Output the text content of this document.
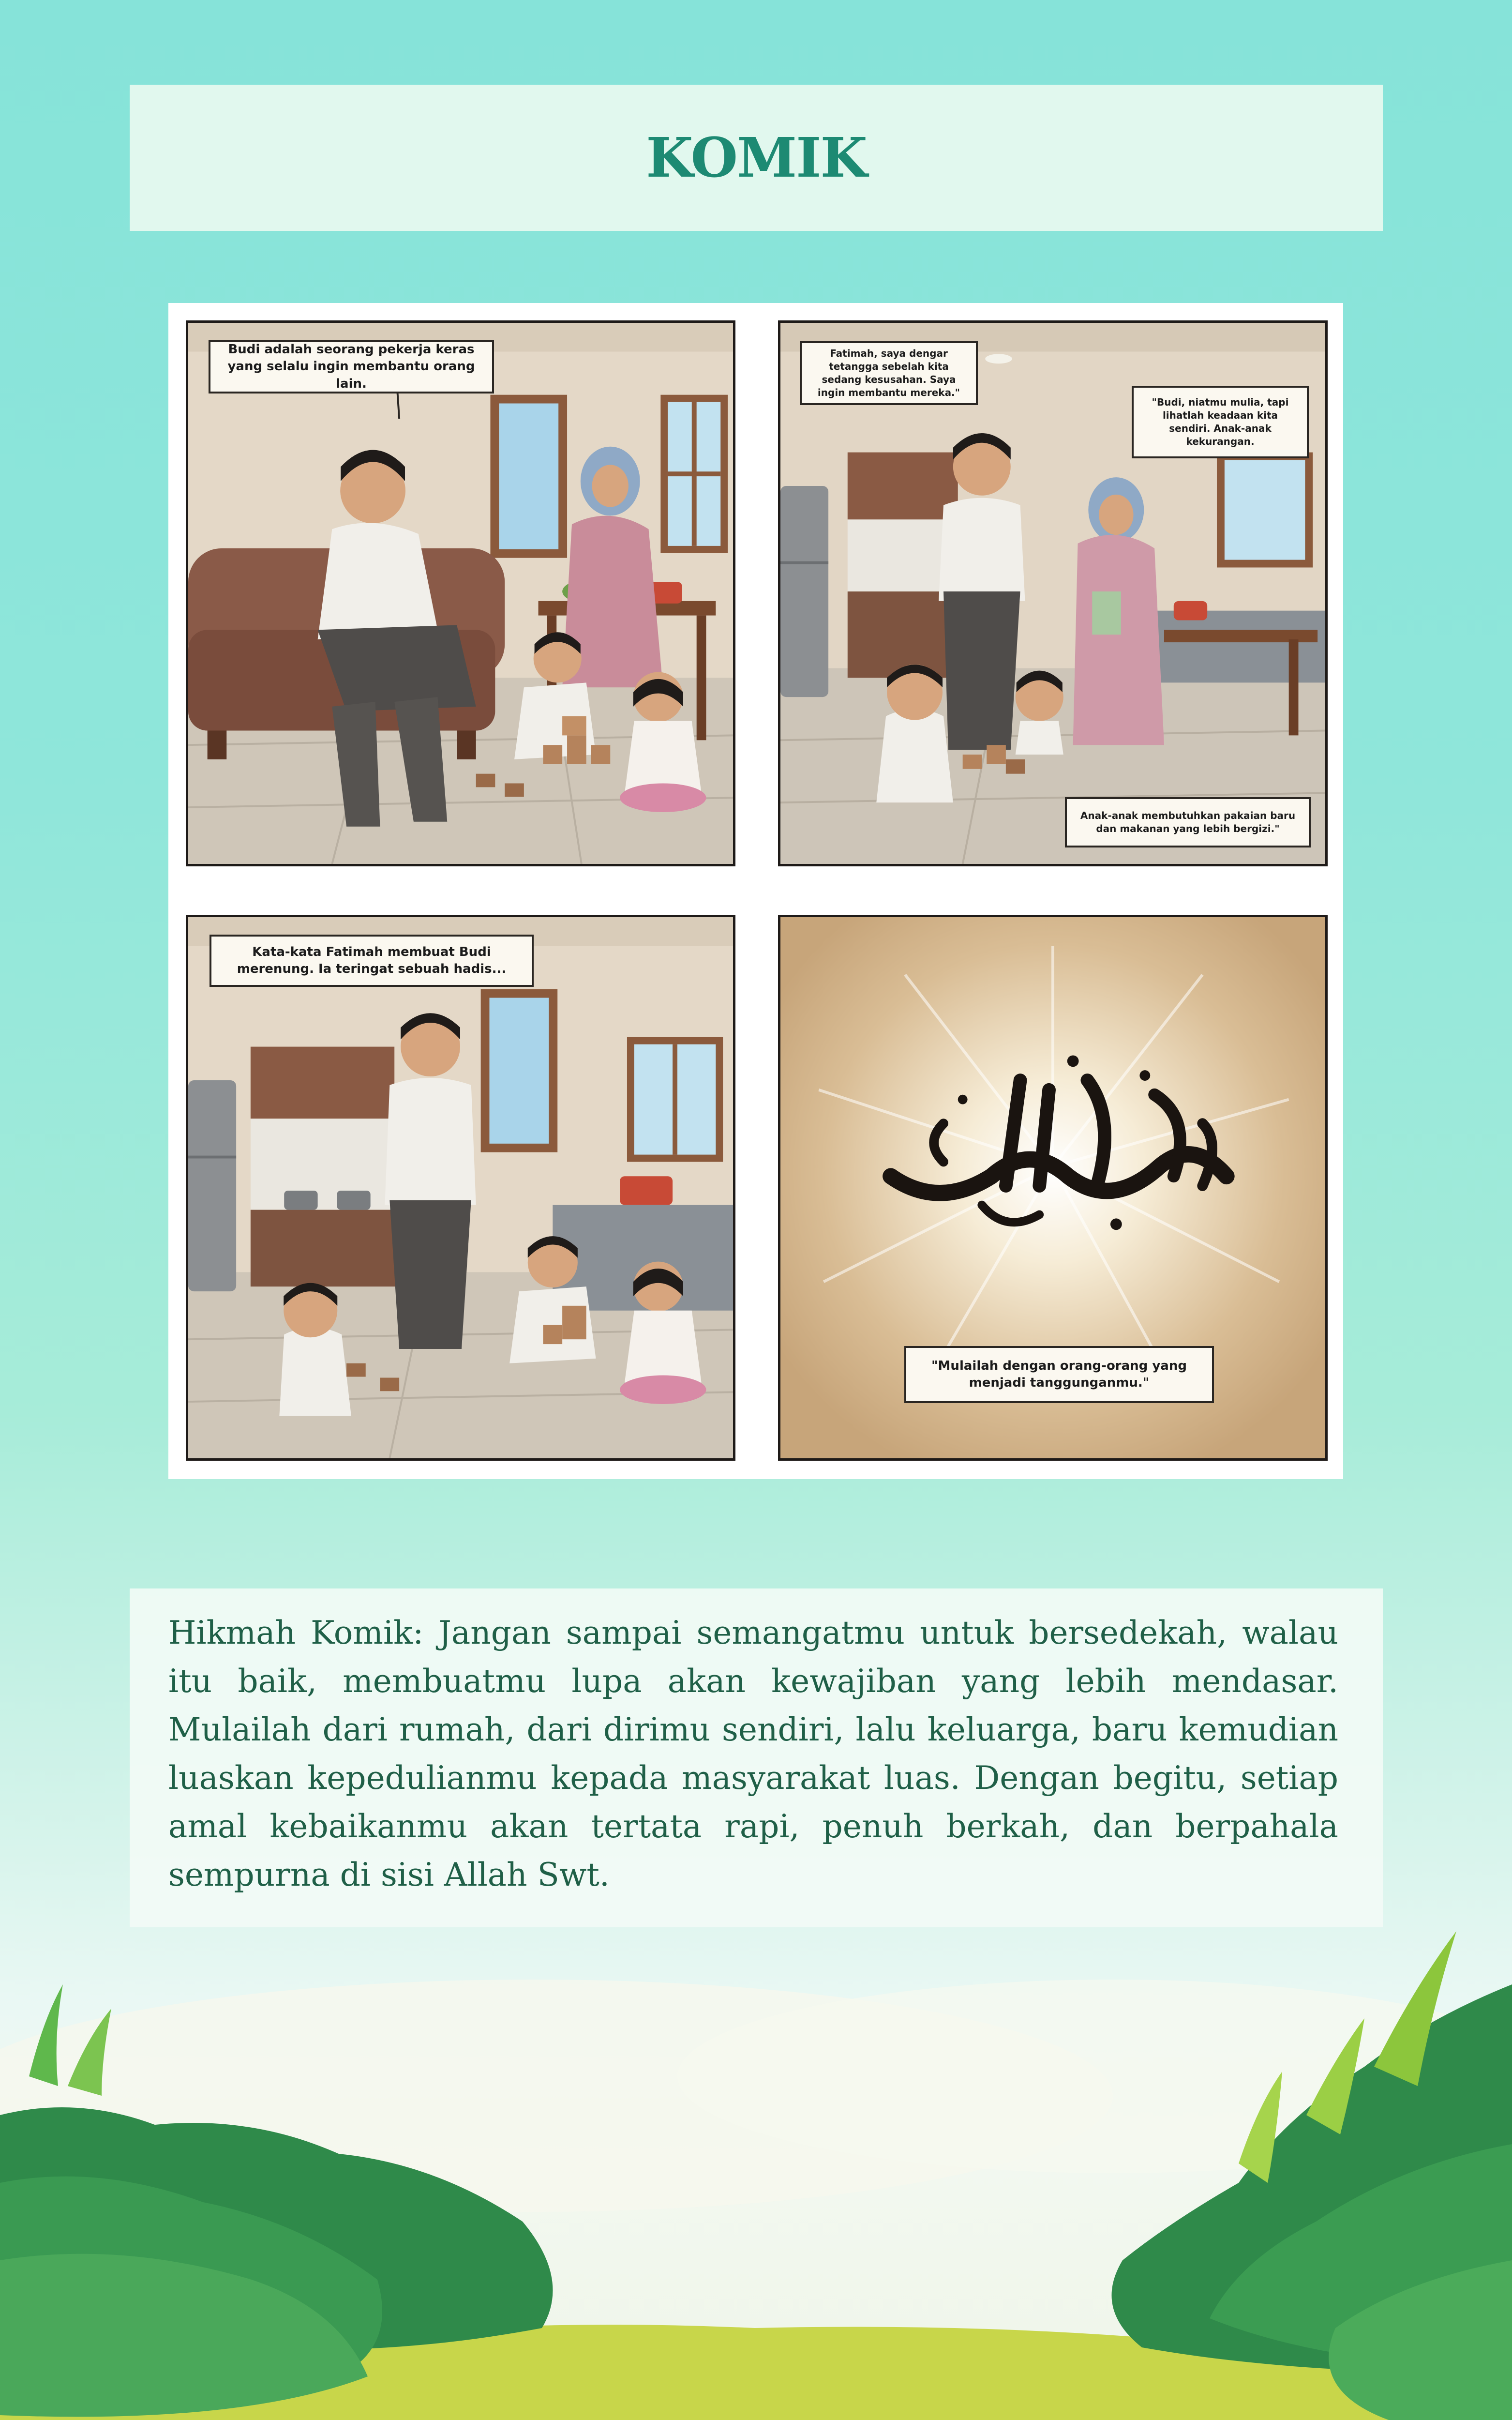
KOMIK
Budi adalah seorang pekerja keras yang selalu ingin membantu orang lain.
Fatimah, saya dengar tetangga sebelah kita sedang kesusahan. Saya ingin membantu mereka."
"Budi, niatmu mulia, tapi lihatlah keadaan kita sendiri. Anak-anak kekurangan.
Anak-anak membutuhkan pakaian baru dan makanan yang lebih bergizi."
Kata-kata Fatimah membuat Budi merenung. Ia teringat sebuah hadis...
"Mulailah dengan orang-orang yang menjadi tanggunganmu."

Hikmah Komik: Jangan sampai semangatmu untuk bersedekah, walau itu baik, membuatmu lupa akan kewajiban yang lebih mendasar. Mulailah dari rumah, dari dirimu sendiri, lalu keluarga, baru kemudian luaskan kepedulianmu kepada masyarakat luas. Dengan begitu, setiap amal kebaikanmu akan tertata rapi, penuh berkah, dan berpahala sempurna di sisi Allah Swt.
